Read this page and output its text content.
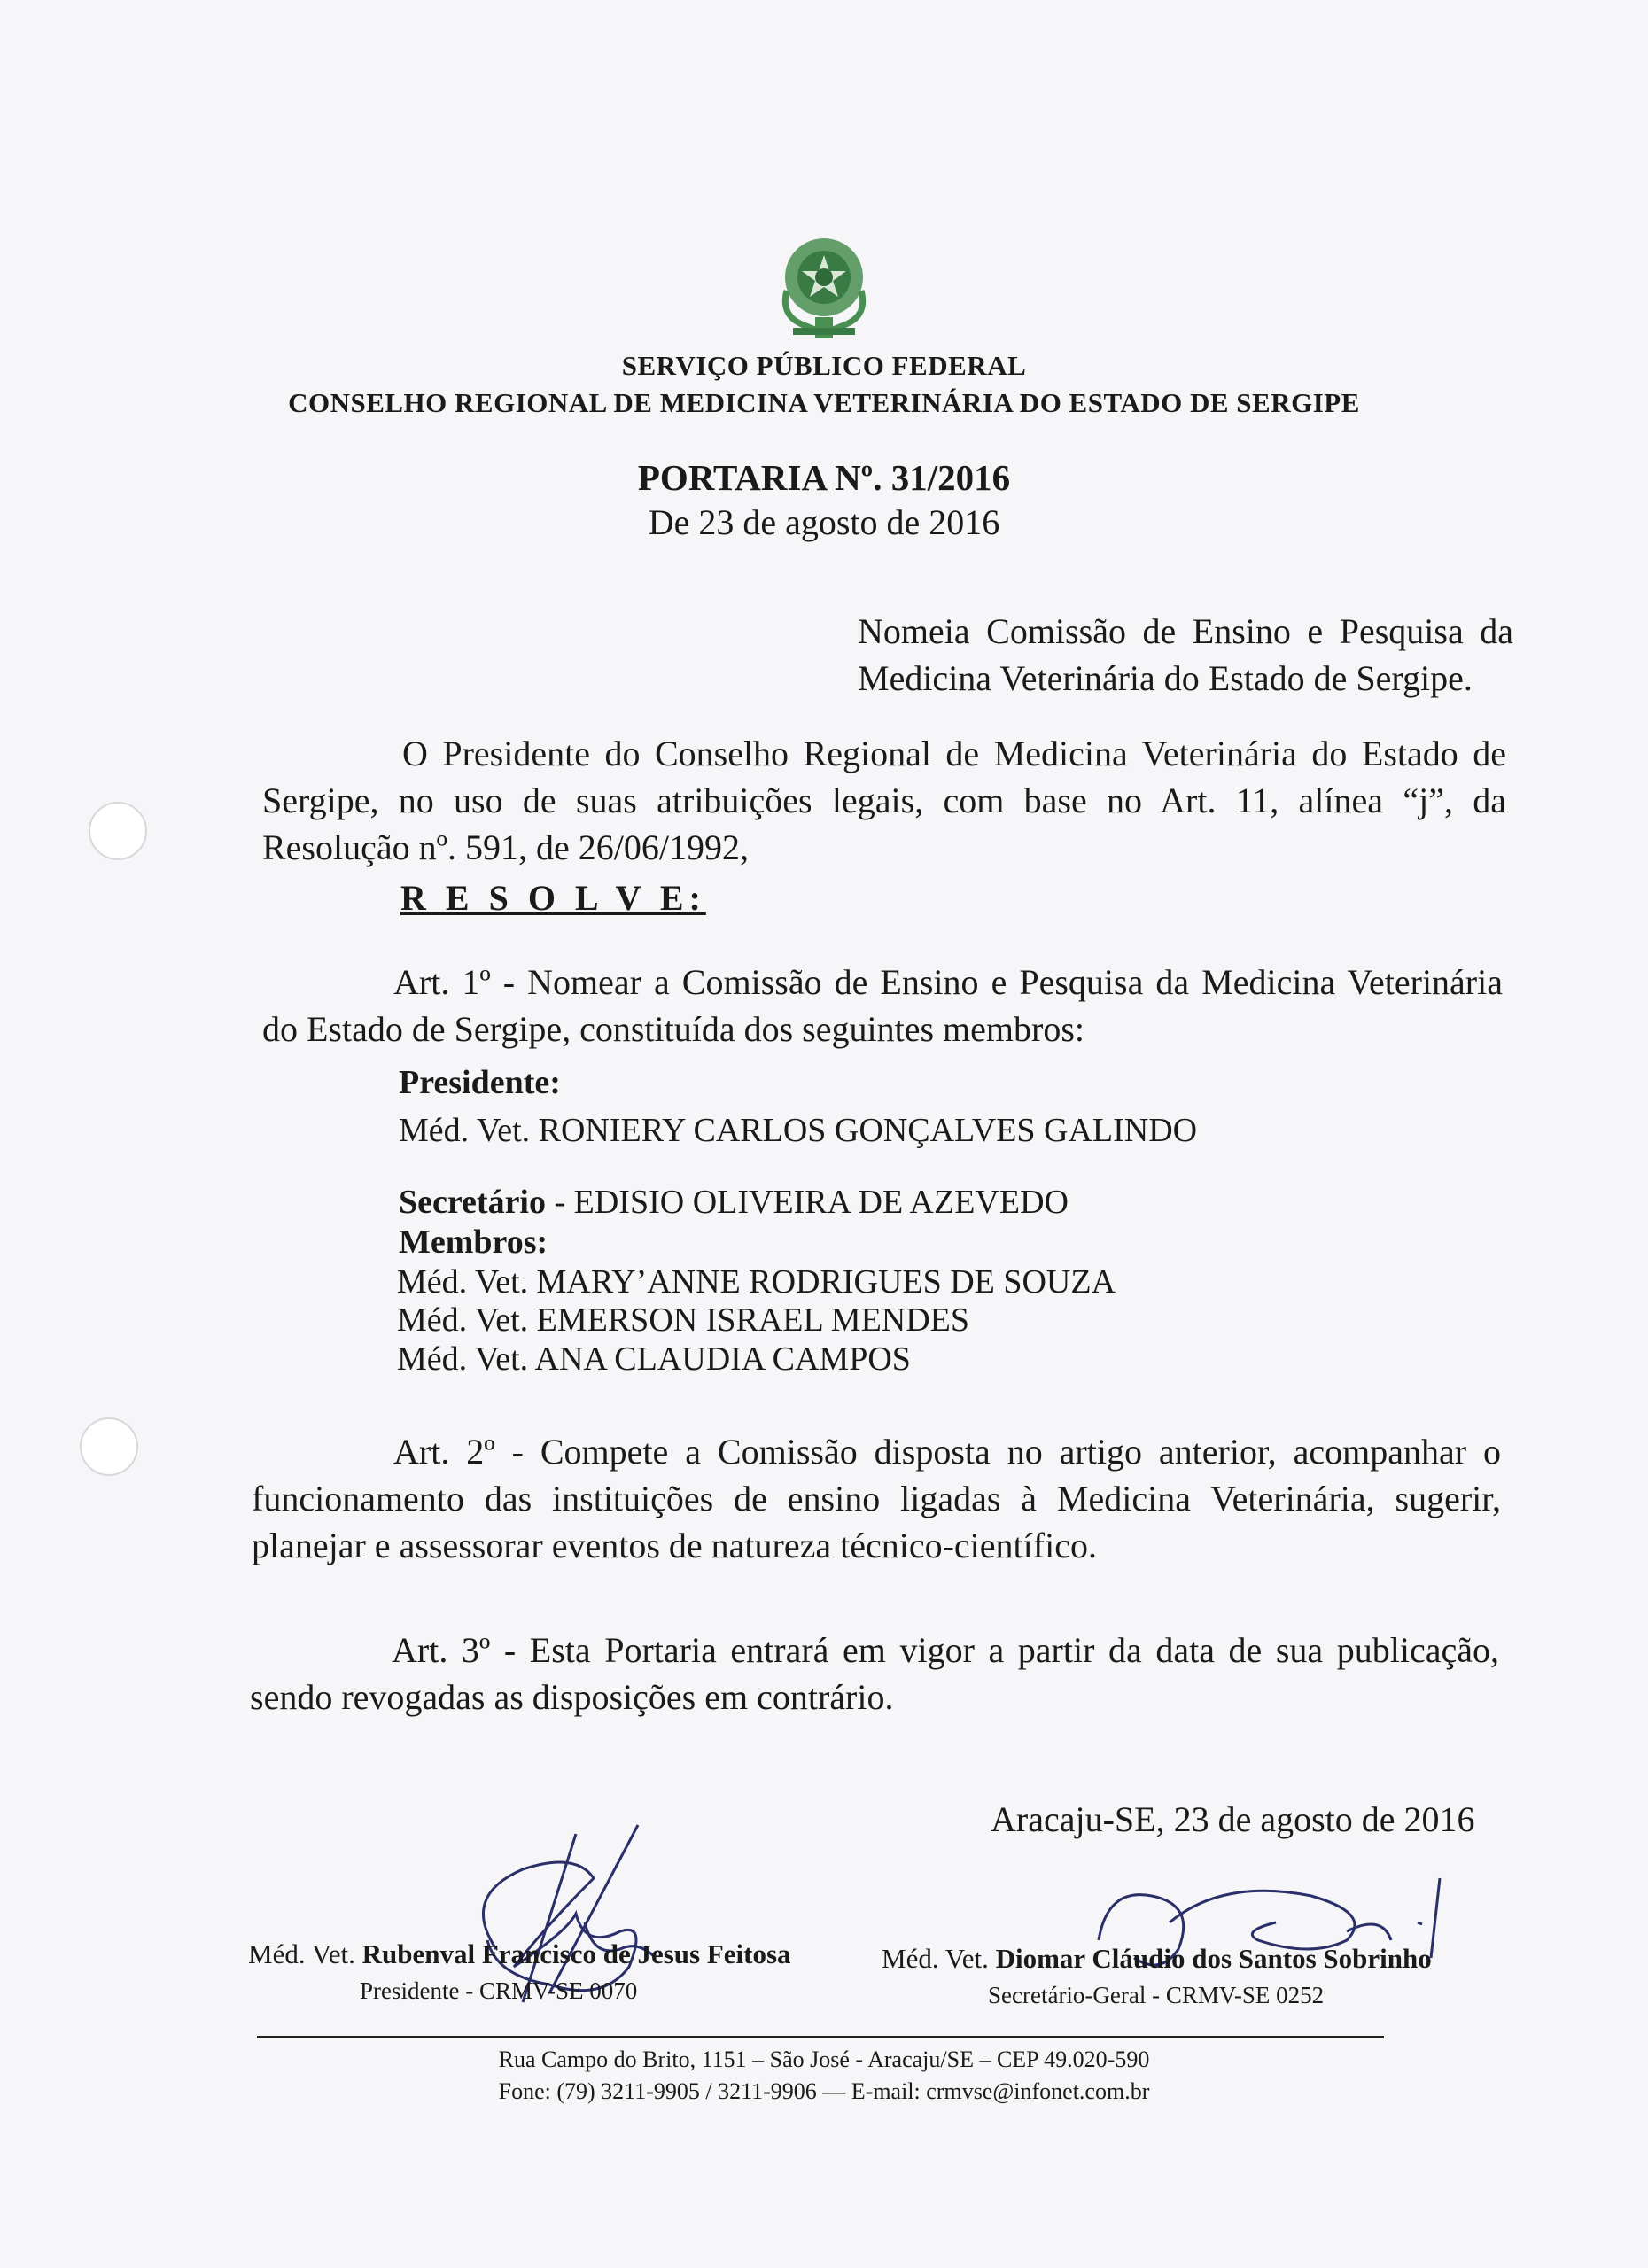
SERVIÇO PÚBLICO FEDERAL
CONSELHO REGIONAL DE MEDICINA VETERINÁRIA DO ESTADO DE SERGIPE
PORTARIA Nº. 31/2016
De 23 de agosto de 2016
Nomeia Comissão de Ensino e Pesquisa da Medicina Veterinária do Estado de Sergipe.
O Presidente do Conselho Regional de Medicina Veterinária do Estado de Sergipe, no uso de suas atribuições legais, com base no Art. 11, alínea “j”, da Resolução nº. 591, de 26/06/1992,
R E S O L V E:
Art. 1º - Nomear a Comissão de Ensino e Pesquisa da Medicina Veterinária do Estado de Sergipe, constituída dos seguintes membros:
Presidente:
Méd. Vet. RONIERY CARLOS GONÇALVES GALINDO
Secretário - EDISIO OLIVEIRA DE AZEVEDO
Membros:
Méd. Vet. MARY’ANNE RODRIGUES DE SOUZA
Méd. Vet. EMERSON ISRAEL MENDES
Méd. Vet. ANA CLAUDIA CAMPOS
Art. 2º - Compete a Comissão disposta no artigo anterior, acompanhar o funcionamento das instituições de ensino ligadas à Medicina Veterinária, sugerir, planejar e assessorar eventos de natureza técnico-científico.
Art. 3º - Esta Portaria entrará em vigor a partir da data de sua publicação, sendo revogadas as disposições em contrário.
Aracaju-SE, 23 de agosto de 2016
Méd. Vet. Rubenval Francisco de Jesus Feitosa
Presidente - CRMV-SE 0070
Méd. Vet. Diomar Cláudio dos Santos Sobrinho
Secretário-Geral - CRMV-SE 0252
Rua Campo do Brito, 1151 – São José - Aracaju/SE – CEP 49.020-590
Fone: (79) 3211-9905 / 3211-9906 — E-mail: crmvse@infonet.com.br
